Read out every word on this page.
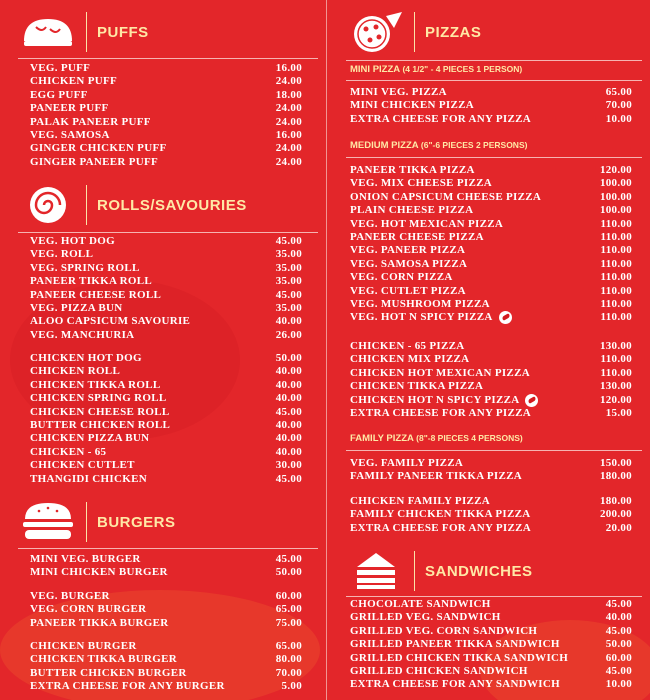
PUFFS
VEG. PUFF	16.00
CHICKEN PUFF	24.00
EGG PUFF	18.00
PANEER PUFF	24.00
PALAK PANEER PUFF	24.00
VEG. SAMOSA	16.00
GINGER CHICKEN PUFF	24.00
GINGER PANEER PUFF	24.00
ROLLS/SAVOURIES
VEG. HOT DOG	45.00
VEG. ROLL	35.00
VEG. SPRING ROLL	35.00
PANEER TIKKA ROLL	35.00
PANEER CHEESE ROLL	45.00
VEG. PIZZA BUN	35.00
ALOO CAPSICUM SAVOURIE	40.00
VEG. MANCHURIA	26.00
CHICKEN HOT DOG	50.00
CHICKEN ROLL	40.00
CHICKEN TIKKA ROLL	40.00
CHICKEN SPRING ROLL	40.00
CHICKEN CHEESE ROLL	45.00
BUTTER CHICKEN ROLL	40.00
CHICKEN PIZZA BUN	40.00
CHICKEN - 65	40.00
CHICKEN CUTLET	30.00
THANGIDI CHICKEN	45.00
BURGERS
MINI VEG. BURGER	45.00
MINI CHICKEN BURGER	50.00
VEG. BURGER	60.00
VEG. CORN BURGER	65.00
PANEER TIKKA BURGER	75.00
CHICKEN BURGER	65.00
CHICKEN TIKKA BURGER	80.00
BUTTER CHICKEN BURGER	70.00
EXTRA CHEESE FOR ANY BURGER	5.00
PIZZAS
MINI PIZZA (4 1/2" - 4 PIECES 1 PERSON)
MINI VEG. PIZZA	65.00
MINI CHICKEN PIZZA	70.00
EXTRA CHEESE FOR ANY PIZZA	10.00
MEDIUM PIZZA (6"-6 PIECES 2 PERSONS)
PANEER TIKKA PIZZA	120.00
VEG. MIX CHEESE PIZZA	100.00
ONION CAPSICUM CHEESE PIZZA	100.00
PLAIN CHEESE PIZZA	100.00
VEG. HOT MEXICAN PIZZA	110.00
PANEER CHEESE PIZZA	110.00
VEG. PANEER PIZZA	110.00
VEG. SAMOSA PIZZA	110.00
VEG. CORN PIZZA	110.00
VEG. CUTLET PIZZA	110.00
VEG. MUSHROOM PIZZA	110.00
VEG. HOT N SPICY PIZZA	110.00
CHICKEN - 65 PIZZA	130.00
CHICKEN MIX PIZZA	110.00
CHICKEN HOT MEXICAN PIZZA	110.00
CHICKEN TIKKA PIZZA	130.00
CHICKEN HOT N SPICY PIZZA	120.00
EXTRA CHEESE FOR ANY PIZZA	15.00
FAMILY PIZZA (8"-8 PIECES 4 PERSONS)
VEG. FAMILY PIZZA	150.00
FAMILY PANEER TIKKA PIZZA	180.00
CHICKEN FAMILY PIZZA	180.00
FAMILY CHICKEN TIKKA PIZZA	200.00
EXTRA CHEESE FOR ANY PIZZA	20.00
SANDWICHES
CHOCOLATE SANDWICH	45.00
GRILLED VEG. SANDWICH	40.00
GRILLED VEG. CORN SANDWICH	45.00
GRILLED PANEER TIKKA SANDWICH	50.00
GRILLED CHICKEN TIKKA SANDWICH	60.00
GRILLED CHICKEN SANDWICH	45.00
EXTRA CHEESE FOR ANY SANDWICH	10.00
